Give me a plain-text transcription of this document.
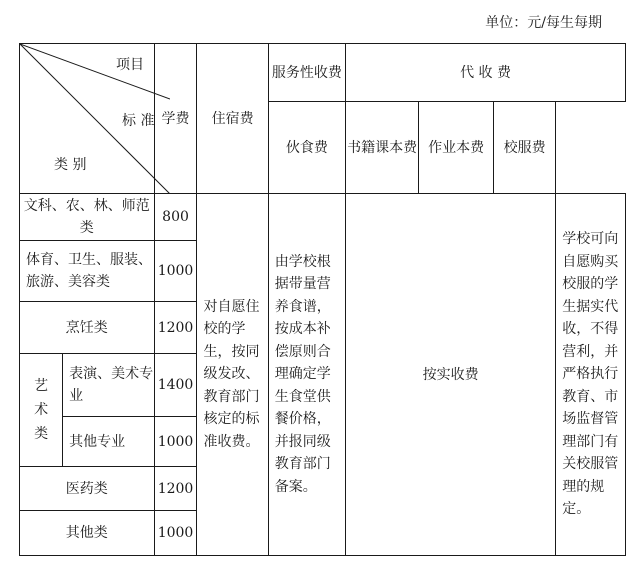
单位：元/每生每期
项目
标 准
类 别		学费	住宿费	服务性收费	代 收 费			
				伙食费	书籍课本费	作业本费	校服费	
文科、农、林、师范类		800	对自愿住校的学生，按同级发改、教育部门核定的标准收费。	由学校根据带量营养食谱，按成本补偿原则合理确定学生食堂供餐价格，并报同级教育部门备案。	按实收费			学校可向自愿购买校服的学生据实代收，不得营利，并严格执行教育、市场监督管理部门有关校服管理的规定。
体育、卫生、服装、旅游、美容类		1000						
烹饪类		1200						
艺术类	表演、美术专业	1400						
	其他专业	1000						
医药类		1200						
其他类		1000						
